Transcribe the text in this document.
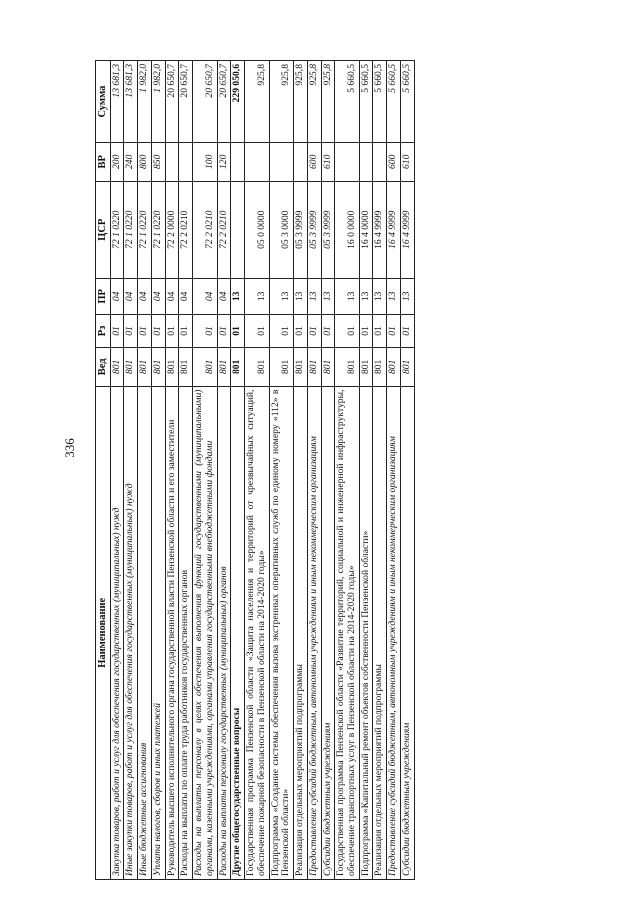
336
Наименование	Вед	Рз	ПР	ЦСР	ВР	Сумма
Закупка товаров, работ и услуг для обеспечения государственных (муниципальных) нужд	801	01	04	72 1 0220	200	13 681,3
Иные закупки товаров, работ и услуг для обеспечения государственных (муниципальных) нужд	801	01	04	72 1 0220	240	13 681,3
Иные бюджетные ассигнования	801	01	04	72 1 0220	800	1 982,0
Уплата налогов, сборов и иных платежей	801	01	04	72 1 0220	850	1 982,0
Руководитель высшего исполнительного органа государственной власти Пензенской области и его заместители	801	01	04	72 2 0000		20 650,7
Расходы на выплаты по оплате труда работников государственных органов	801	01	04	72 2 0210		20 650,7
Расходы на выплаты персоналу в целях обеспечения выполнения функций государственными (муниципальными) органами, казенными учреждениями, органами управления государственными внебюджетными фондами	801	01	04	72 2 0210	100	20 650,7
Расходы на выплаты персоналу государственных (муниципальных) органов	801	01	04	72 2 0210	120	20 650,7
Другие общегосударственные вопросы	801	01	13			229 050,6
Государственная программа Пензенской области «Защита населения и территорий от чрезвычайных ситуаций, обеспечение пожарной безопасности в Пензенской области на 2014-2020 годы»	801	01	13	05 0 0000		925,8
Подпрограмма «Создание системы обеспечения вызова экстренных оперативных служб по единому номеру «112» в Пензенской области»	801	01	13	05 3 0000		925,8
Реализация отдельных мероприятий подпрограммы	801	01	13	05 3 9999		925,8
Предоставление субсидий бюджетным, автономным учреждениям и иным некоммерческим организациям	801	01	13	05 3 9999	600	925,8
Субсидии бюджетным учреждениям	801	01	13	05 3 9999	610	925,8
Государственная программа Пензенской области «Развитие территорий, социальной и инженерной инфраструктуры, обеспечение транспортных услуг в Пензенской области на 2014-2020 годы»	801	01	13	16 0 0000		5 660,5
Подпрограмма «Капитальный ремонт объектов собственности Пензенской области»	801	01	13	16 4 0000		5 660,5
Реализация отдельных мероприятий подпрограммы	801	01	13	16 4 9999		5 660,5
Предоставление субсидий бюджетным, автономным учреждениям и иным некоммерческим организациям	801	01	13	16 4 9999	600	5 660,5
Субсидии бюджетным учреждениям	801	01	13	16 4 9999	610	5 660,5
